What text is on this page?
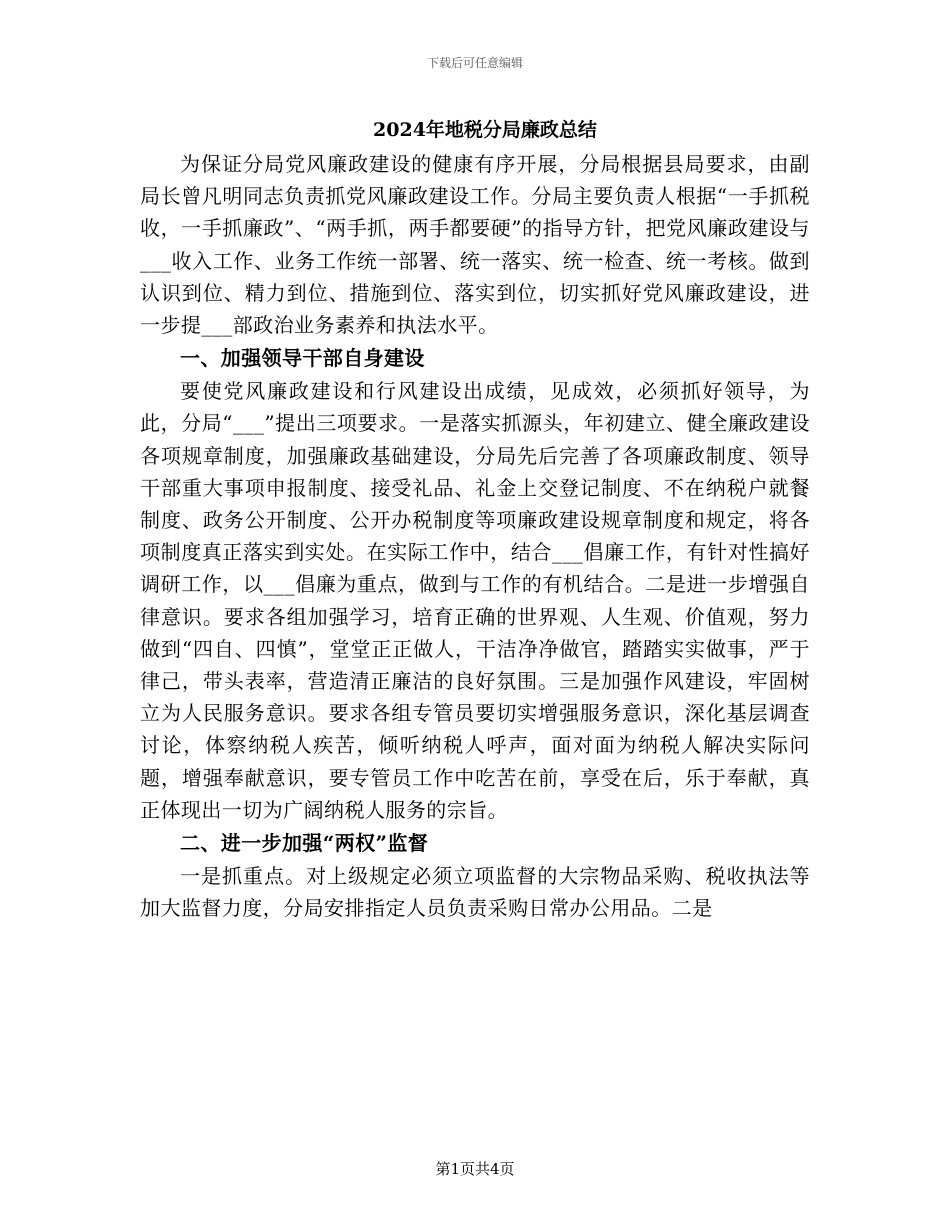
下载后可任意编辑
2024年地税分局廉政总结

为保证分局党风廉政建设的健康有序开展，分局根据县局要求，由副局长曾凡明同志负责抓党风廉政建设工作。分局主要负责人根据“一手抓税收，一手抓廉政”、“两手抓，两手都要硬”的指导方针，把党风廉政建设与___收入工作、业务工作统一部署、统一落实、统一检查、统一考核。做到认识到位、精力到位、措施到位、落实到位，切实抓好党风廉政建设，进一步提___部政治业务素养和执法水平。

一、加强领导干部自身建设

要使党风廉政建设和行风建设出成绩，见成效，必须抓好领导，为此，分局“___”提出三项要求。一是落实抓源头，年初建立、健全廉政建设各项规章制度，加强廉政基础建设，分局先后完善了各项廉政制度、领导干部重大事项申报制度、接受礼品、礼金上交登记制度、不在纳税户就餐制度、政务公开制度、公开办税制度等项廉政建设规章制度和规定，将各项制度真正落实到实处。在实际工作中，结合___倡廉工作，有针对性搞好调研工作，以___倡廉为重点，做到与工作的有机结合。二是进一步增强自律意识。要求各组加强学习，培育正确的世界观、人生观、价值观，努力做到“四自、四慎”，堂堂正正做人，干洁净净做官，踏踏实实做事，严于律己，带头表率，营造清正廉洁的良好氛围。三是加强作风建设，牢固树立为人民服务意识。要求各组专管员要切实增强服务意识，深化基层调查讨论，体察纳税人疾苦，倾听纳税人呼声，面对面为纳税人解决实际问题，增强奉献意识，要专管员工作中吃苦在前，享受在后，乐于奉献，真正体现出一切为广阔纳税人服务的宗旨。

二、进一步加强“两权”监督

一是抓重点。对上级规定必须立项监督的大宗物品采购、税收执法等加大监督力度，分局安排指定人员负责采购日常办公用品。二是

第1页共4页
